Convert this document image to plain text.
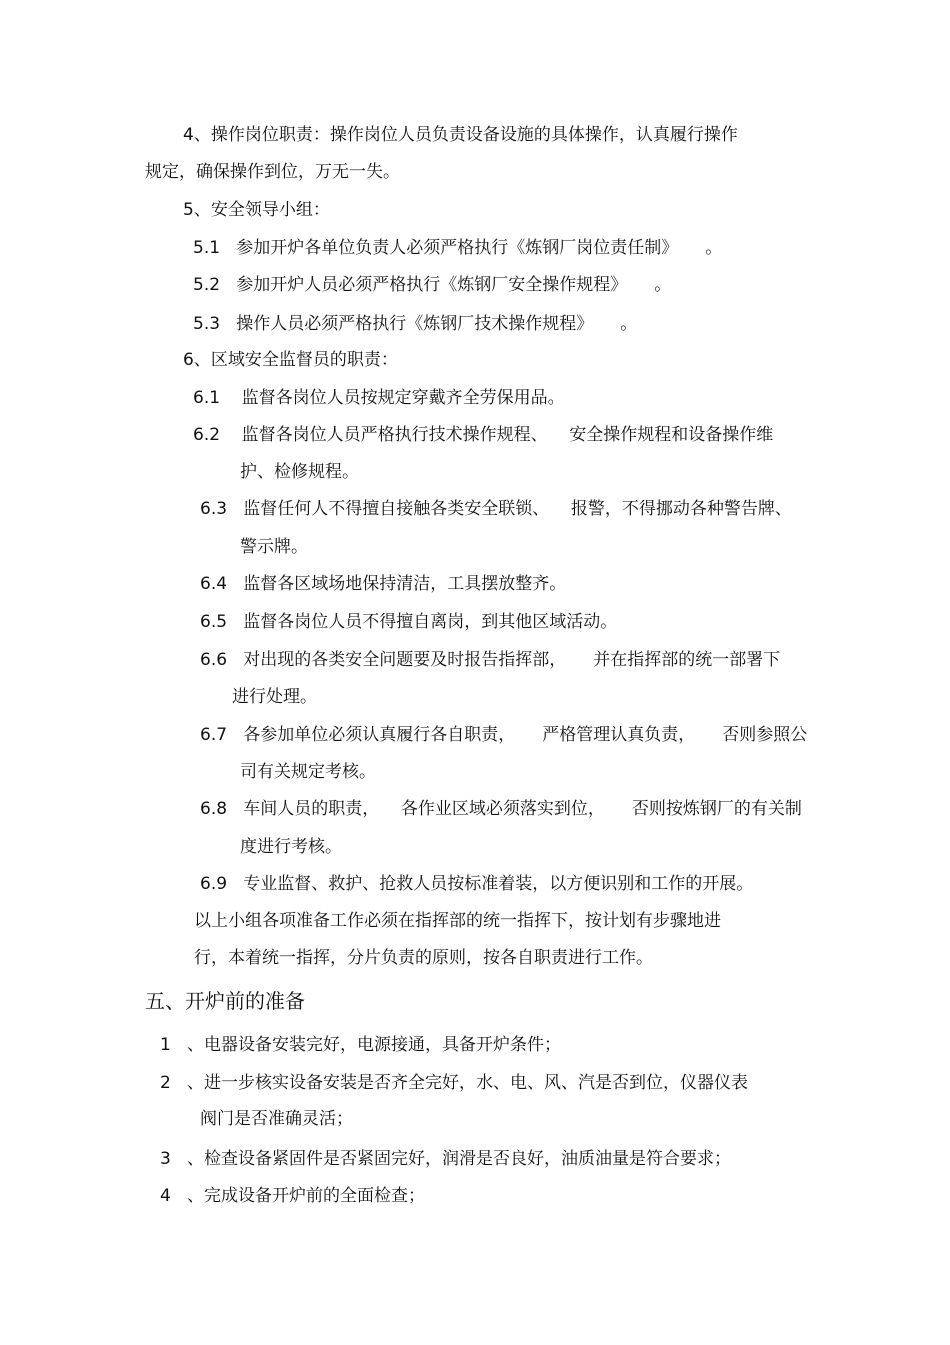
4、操作岗位职责：操作岗位人员负责设备设施的具体操作，认真履行操作
规定，确保操作到位，万无一失。
5、安全领导小组：
5.1   参加开炉各单位负责人必须严格执行《炼钢厂岗位责任制》     。
5.2   参加开炉人员必须严格执行《炼钢厂安全操作规程》     。
5.3   操作人员必须严格执行《炼钢厂技术操作规程》     。
6、区域安全监督员的职责：
6.1    监督各岗位人员按规定穿戴齐全劳保用品。
6.2    监督各岗位人员严格执行技术操作规程、    安全操作规程和设备操作维
护、检修规程。
6.3   监督任何人不得擅自接触各类安全联锁、    报警，不得挪动各种警告牌、
警示牌。
6.4   监督各区域场地保持清洁，工具摆放整齐。
6.5   监督各岗位人员不得擅自离岗，到其他区域活动。
6.6   对出现的各类安全问题要及时报告指挥部，     并在指挥部的统一部署下
进行处理。
6.7   各参加单位必须认真履行各自职责，     严格管理认真负责，     否则参照公
司有关规定考核。
6.8   车间人员的职责，    各作业区域必须落实到位，     否则按炼钢厂的有关制
度进行考核。
6.9   专业监督、救护、抢救人员按标准着装，以方便识别和工作的开展。
以上小组各项准备工作必须在指挥部的统一指挥下，按计划有步骤地进
行，本着统一指挥，分片负责的原则，按各自职责进行工作。
五、开炉前的准备
1   、电器设备安装完好，电源接通，具备开炉条件；
2   、进一步核实设备安装是否齐全完好，水、电、风、汽是否到位，仪器仪表
阀门是否准确灵活；
3   、检查设备紧固件是否紧固完好，润滑是否良好，油质油量是符合要求；
4   、完成设备开炉前的全面检查；
